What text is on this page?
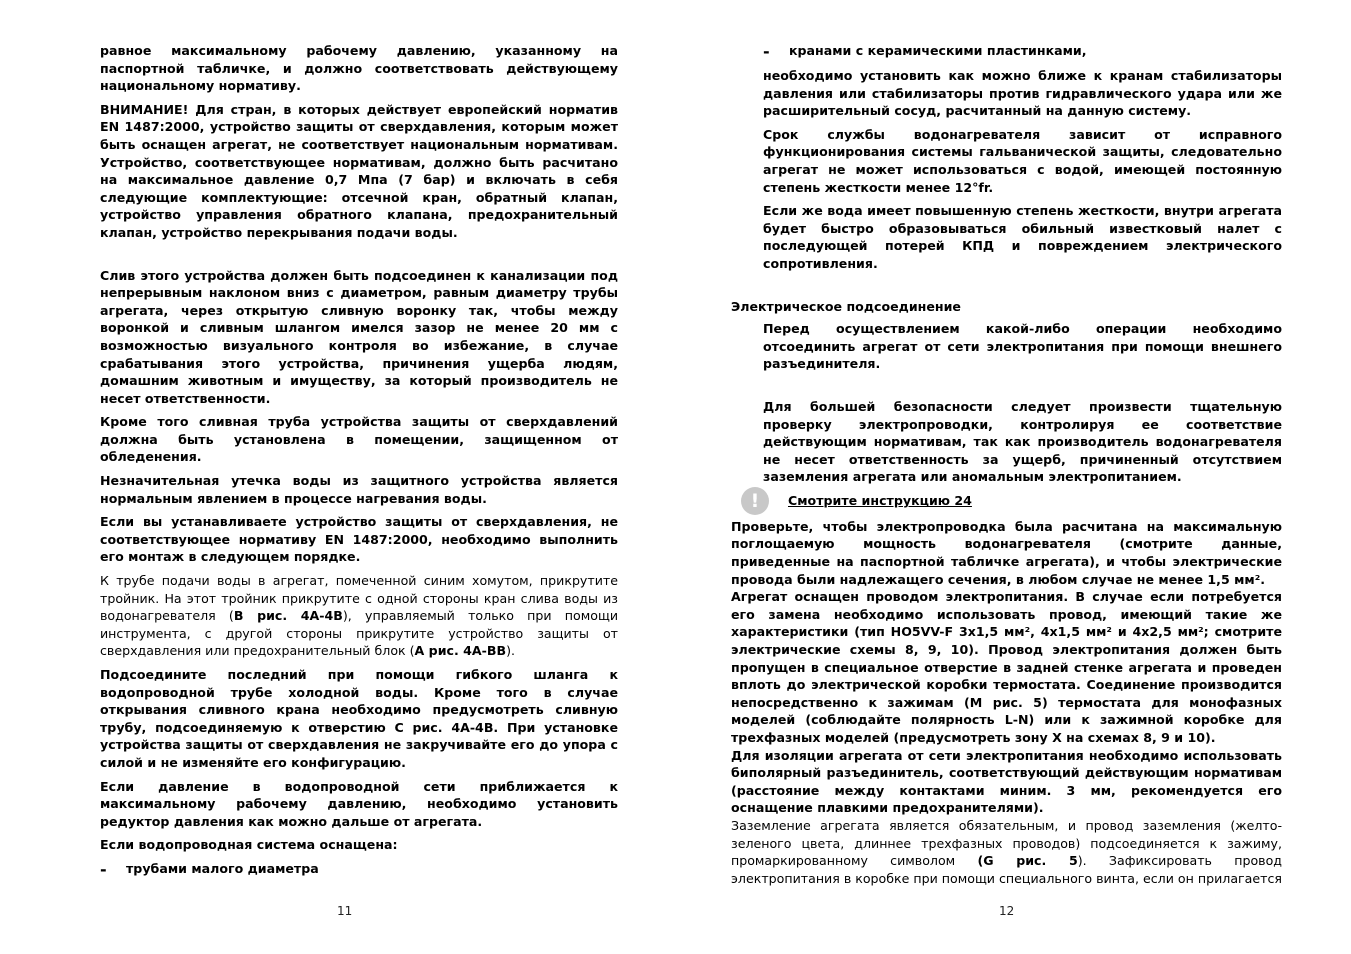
равное максимальному рабочему давлению, указанному на паспортной табличке, и должно соответствовать действующему национальному нормативу.

ВНИМАНИЕ! Для стран, в которых действует европейский норматив EN 1487:2000, устройство защиты от сверхдавления, которым может быть оснащен агрегат, не соответствует национальным нормативам. Устройство, соответствующее нормативам, должно быть расчитано на максимальное давление 0,7 Мпа (7 бар) и включать в себя следующие комплектующие: отсечной кран, обратный клапан, устройство управления обратного клапана, предохранительный клапан, устройство перекрывания подачи воды.

Слив этого устройства должен быть подсоединен к канализации под непрерывным наклоном вниз с диаметром, равным диаметру трубы агрегата, через открытую сливную воронку так, чтобы между воронкой и сливным шлангом имелся зазор не менее 20 мм с возможностью визуального контроля во избежание, в случае срабатывания этого устройства, причинения ущерба людям, домашним животным и имуществу, за который производитель не несет ответственности.

Кроме того сливная труба устройства защиты от сверхдавлений должна быть установлена в помещении, защищенном от обледенения.

Незначительная утечка воды из защитного устройства является нормальным явлением в процессе нагревания воды.

Если вы устанавливаете устройство защиты от сверхдавления, не соответствующее нормативу EN 1487:2000, необходимо выполнить его монтаж в следующем порядке.

К трубе подачи воды в агрегат, помеченной синим хомутом, прикрутите тройник. На этот тройник прикрутите с одной стороны кран слива воды из водонагревателя (В рис. 4А-4В), управляемый только при помощи инструмента, с другой стороны прикрутите устройство защиты от сверхдавления или предохранительный блок (А рис. 4А-ВВ).

Подсоедините последний при помощи гибкого шланга к водопроводной трубе холодной воды. Кроме того в случае открывания сливного крана необходимо предусмотреть сливную трубу, подсоединяемую к отверстию С рис. 4А-4В. При установке устройства защиты от сверхдавления не закручивайте его до упора с силой и не изменяйте его конфигурацию.

Если давление в водопроводной сети приближается к максимальному рабочему давлению, необходимо установить редуктор давления как можно дальше от агрегата.

Если водопроводная система оснащена:

-	трубами малого диаметра

-	кранами с керамическими пластинками,

необходимо установить как можно ближе к кранам стабилизаторы давления или стабилизаторы против гидравлического удара или же расширительный сосуд, расчитанный на данную систему.

Срок службы водонагревателя зависит от исправного функционирования системы гальванической защиты, следовательно агрегат не может использоваться с водой, имеющей постоянную степень жесткости менее 12°fr.

Если же вода имеет повышенную степень жесткости, внутри агрегата будет быстро образовываться обильный известковый налет с последующей потерей КПД и повреждением электрического сопротивления.

Электрическое подсоединение

Перед осуществлением какой-либо операции необходимо отсоединить агрегат от сети электропитания при помощи внешнего разъединителя.

Для большей безопасности следует произвести тщательную проверку электропроводки, контролируя ее соответствие действующим нормативам, так как производитель водонагревателя не несет ответственность за ущерб, причиненный отсутствием заземления агрегата или аномальным электропитанием.

!	Смотрите инструкцию 24

Проверьте, чтобы электропроводка была расчитана на максимальную поглощаемую мощность водонагревателя (смотрите данные, приведенные на паспортной табличке агрегата), и чтобы электрические провода были надлежащего сечения, в любом случае не менее 1,5 мм².

Агрегат оснащен проводом электропитания. В случае если потребуется его замена необходимо использовать провод, имеющий такие же характеристики (тип НО5VV-F 3х1,5 мм², 4х1,5 мм² и 4х2,5 мм²; смотрите электрические схемы 8, 9, 10). Провод электропитания должен быть пропущен в специальное отверстие в задней стенке агрегата и проведен вплоть до электрической коробки термостата. Соединение производится непосредственно к зажимам (М рис. 5) термостата для монофазных моделей (соблюдайте полярность L-N) или к зажимной коробке для трехфазных моделей (предусмотреть зону Х на схемах 8, 9 и 10).

Для изоляции агрегата от сети электропитания необходимо использовать биполярный разъединитель, соответствующий действующим нормативам (расстояние между контактами миним. 3 мм, рекомендуется его оснащение плавкими предохранителями).

Заземление агрегата является обязательным, и провод заземления (желто-зеленого цвета, длиннее трехфазных проводов) подсоединяется к зажиму, промаркированному символом (G рис. 5). Зафиксировать провод электропитания в коробке при помощи специального винта, если он прилагается

11	12
